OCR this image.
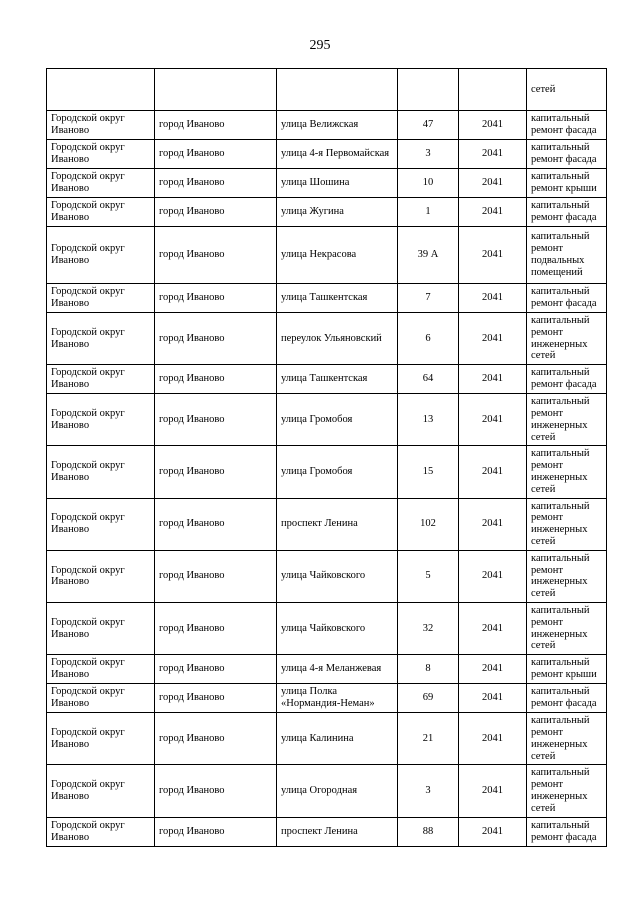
295
					сетей
Городской округ Иваново	город Иваново	улица Велижская	47	2041	капитальный ремонт фасада
Городской округ Иваново	город Иваново	улица 4-я Первомайская	3	2041	капитальный ремонт фасада
Городской округ Иваново	город Иваново	улица Шошина	10	2041	капитальный ремонт крыши
Городской округ Иваново	город Иваново	улица Жугина	1	2041	капитальный ремонт фасада
Городской округ Иваново	город Иваново	улица Некрасова	39 А	2041	капитальный ремонт подвальных помещений
Городской округ Иваново	город Иваново	улица Ташкентская	7	2041	капитальный ремонт фасада
Городской округ Иваново	город Иваново	переулок Ульяновский	6	2041	капитальный ремонт инженерных сетей
Городской округ Иваново	город Иваново	улица Ташкентская	64	2041	капитальный ремонт фасада
Городской округ Иваново	город Иваново	улица Громобоя	13	2041	капитальный ремонт инженерных сетей
Городской округ Иваново	город Иваново	улица Громобоя	15	2041	капитальный ремонт инженерных сетей
Городской округ Иваново	город Иваново	проспект Ленина	102	2041	капитальный ремонт инженерных сетей
Городской округ Иваново	город Иваново	улица Чайковского	5	2041	капитальный ремонт инженерных сетей
Городской округ Иваново	город Иваново	улица Чайковского	32	2041	капитальный ремонт инженерных сетей
Городской округ Иваново	город Иваново	улица 4-я Меланжевая	8	2041	капитальный ремонт крыши
Городской округ Иваново	город Иваново	улица Полка «Нормандия-Неман»	69	2041	капитальный ремонт фасада
Городской округ Иваново	город Иваново	улица Калинина	21	2041	капитальный ремонт инженерных сетей
Городской округ Иваново	город Иваново	улица Огородная	3	2041	капитальный ремонт инженерных сетей
Городской округ Иваново	город Иваново	проспект Ленина	88	2041	капитальный ремонт фасада
